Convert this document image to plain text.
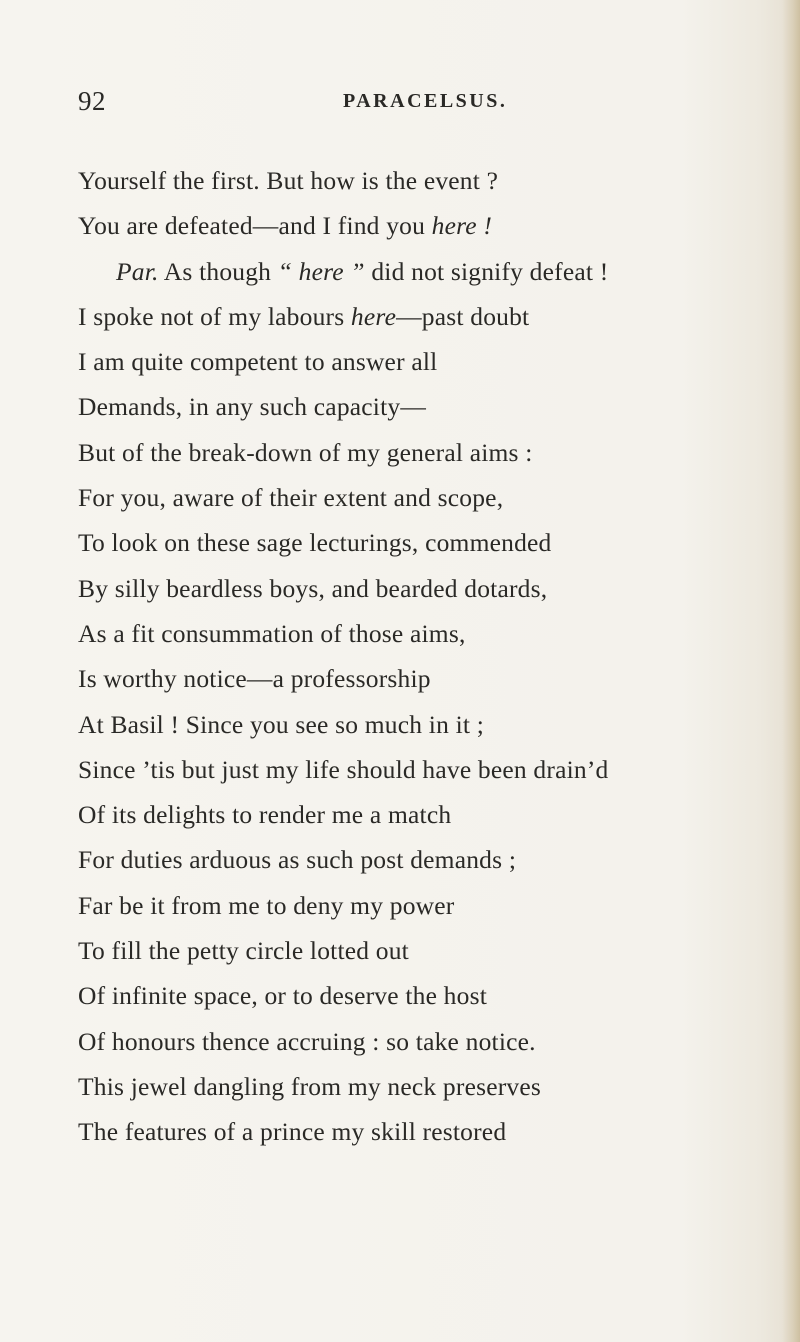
92	PARACELSUS.
Yourself the first. But how is the event ?
You are defeated—and I find you here !
Par. As though “ here ” did not signify defeat !
I spoke not of my labours here—past doubt
I am quite competent to answer all
Demands, in any such capacity—
But of the break-down of my general aims :
For you, aware of their extent and scope,
To look on these sage lecturings, commended
By silly beardless boys, and bearded dotards,
As a fit consummation of those aims,
Is worthy notice—a professorship
At Basil ! Since you see so much in it ;
Since ’tis but just my life should have been drain’d
Of its delights to render me a match
For duties arduous as such post demands ;
Far be it from me to deny my power
To fill the petty circle lotted out
Of infinite space, or to deserve the host
Of honours thence accruing : so take notice.
This jewel dangling from my neck preserves
The features of a prince my skill restored
